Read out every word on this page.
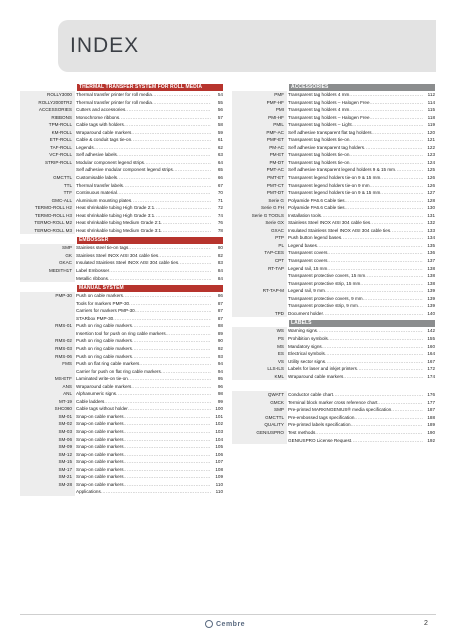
INDEX
THERMAL TRANSFER SYSTEM FOR ROLL MEDIA
ROLLY3000 Thermal transfer printer for roll media .....	54
ROLLY2000TR2 Thermal transfer printer for roll media .....	55
ACCESSORIES Cutters and accessories .....	56
RIBBONS Monochrome ribbons .....	57
TPM-ROLL Cable tags with holders .....	58
KM-ROLL Wraparound cable markers .....	59
ETF-ROLL Cable & conduit tags tie-on .....	61
TAF-ROLL Legends .....	62
VCF-ROLL Self adhesive labels .....	63
STRIP-ROLL Modular component legend strips .....	64
Self adhesive modular component legend strips .....	65
GMCTTL Customisable labels .....	66
TTL Thermal transfer labels .....	67
TTF Continuous material .....	70
GMC-ALL Aluminium mounting plates .....	71
TERMO-ROLL H2 Heat shrinkable tubing High Grade 2:1 .....	72
TERMO-ROLL H3 Heat shrinkable tubing High Grade 3:1 .....	74
TERMO-ROLL M2 Heat shrinkable tubing Medium Grade 2:1 .....	76
TERMO-ROLL M3 Heat shrinkable tubing Medium Grade 3:1 .....	78
EMBOSSER
SMP Stainless steel tie-on tags .....	80
GK Stainless Steel INOX AISI 304 cable ties .....	82
GKAC Insulated Stainless Steel INOX AISI 304 cable ties .....	83
MEDITH1T Label Embosser .....	84
Metallic ribbons .....	84
MANUAL SYSTEM
PMP-30 Push on cable markers .....	86
Tools for markers PMP-30 .....	87
Carriers for markers PMP-30 .....	87
STARbox PMP-30 .....	87
RMS-01 Push on ring cable markers .....	88
Insertion tool for push on ring cable markers .....	89
RMS-02 Push on ring cable markers .....	90
RMS-03 Push on ring cable markers .....	92
RMS-06 Push on ring cable markers .....	93
FMS Push on flat ring cable markers .....	94
Carrier for push on flat ring cable markers .....	94
MS-ETF Laminated write-on tie-on .....	95
ANS Wraparound cable markers .....	96
ANL Alphanumeric signs .....	98
MT-19 Cable ladders .....	99
SHC060 Cable tags without holder .....	100
SM-01 Snap-on cable markers .....	101
SM-02 Snap-on cable markers .....	102
SM-03 Snap-on cable markers .....	103
SM-06 Snap-on cable markers .....	104
SM-09 Snap-on cable markers .....	105
SM-12 Snap-on cable markers .....	106
SM-15 Snap-on cable markers .....	107
SM-17 Snap-on cable markers .....	108
SM-21 Snap-on cable markers .....	109
SM-28 Snap-on cable markers .....	110
Applications .....	110
ACCESSORIES
PMF Transparent tag holders 4 mm .....	112
PMF-HF Transparent tag holders – Halogen Free .....	114
PMI Transparent tag holders 4 mm .....	115
PMI-HF Transparent tag holders – Halogen Free .....	118
PMIL Transparent tag holders – Light .....	119
PMF-AC Self adhesive transparent flat tag holders .....	120
PMF-ET Transparent tag holders tie-on .....	121
PM-AC Self adhesive transparent tag holders .....	122
PM-ET Transparent tag holders tie-on .....	123
PM-DT Transparent tag holders tie-on .....	124
PMT-AC Self adhesive transparent legend holders 9 & 15 mm .....	125
PMT-ET Transparent legend holders tie-on 9 & 15 mm .....	126
PMT-CT Transparent legend holders tie-on 9 mm .....	126
PMT-DT Transparent legend holders tie-on 9 & 15 mm .....	127
Serie G Polyamide PA6.6 Cable ties .....	128
Serie G FH Polyamide PA6.6 Cable ties .....	130
Serie G TOOLS Installation tools .....	131
Serie GX Stainless Steel INOX AISI 304 cable ties .....	132
GXAC Insulated Stainless Steel INOX AISI 304 cable ties .....	133
PTP Push button legend bases .....	134
PL Legend bases .....	135
TAP-CES Transparent covers .....	136
CPT Transparent covers .....	137
RT-TAP Legend rail, 15 mm .....	138
Transparent protective covers, 15 mm .....	138
Transparent protective strip, 15 mm .....	138
RT-TAP-M Legend rail, 9 mm .....	139
Transparent protective covers, 9 mm .....	139
Transparent protective strip, 9 mm .....	139
TPD Document holder .....	140
LABELS
WS Warning signs .....	142
PS Prohibition symbols .....	155
MS Mandatory signs .....	160
ES Electrical symbols .....	164
VS Utility sector signs .....	167
LLS-ILS Labels for laser and inkjet printers .....	172
KML Wraparound cable markers .....	174
QWATT Conductor cable chart .....	176
GMCK Terminal block marker cross reference chart .....	177
SMP Pre-printed MARKINGENIUS® media specification .....	187
GMCTTL Pre-embossed tags specification .....	188
QUALITY Pre-printed labels specification .....	189
GENIUSPRO Test methods .....	190
GENIUSPRO License Request .....	192
Cembre	2
